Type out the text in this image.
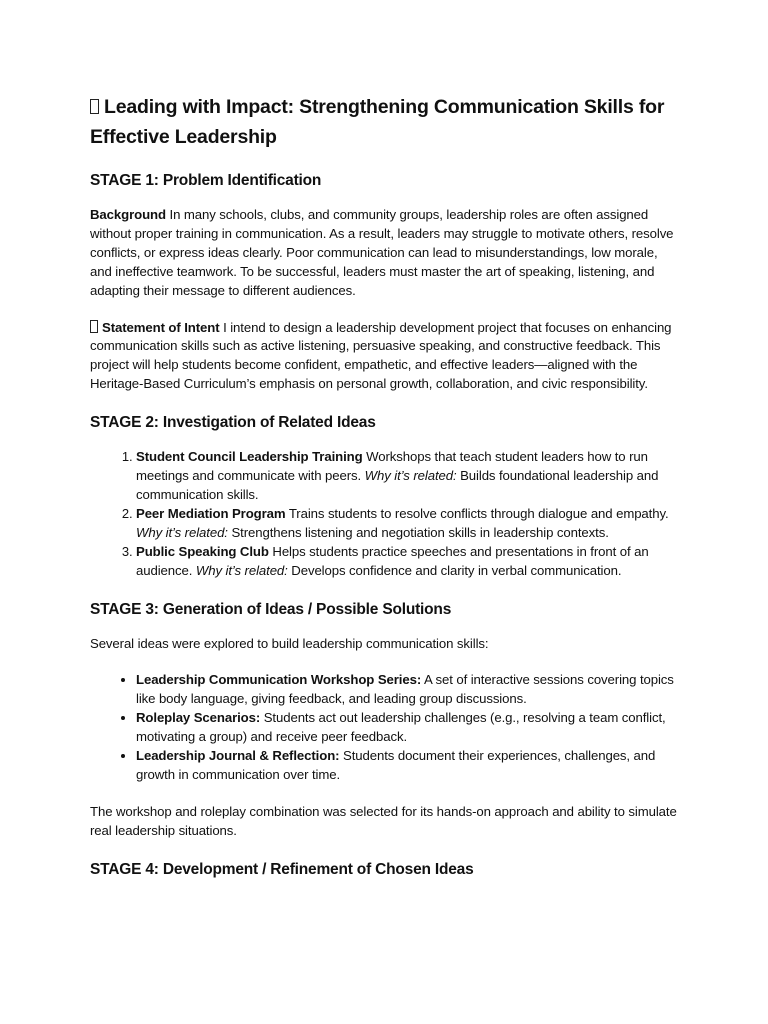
Leading with Impact: Strengthening Communication Skills for Effective Leadership
STAGE 1: Problem Identification

Background In many schools, clubs, and community groups, leadership roles are often assigned without proper training in communication. As a result, leaders may struggle to motivate others, resolve conflicts, or express ideas clearly. Poor communication can lead to misunderstandings, low morale, and ineffective teamwork. To be successful, leaders must master the art of speaking, listening, and adapting their message to different audiences.

Statement of Intent I intend to design a leadership development project that focuses on enhancing communication skills such as active listening, persuasive speaking, and constructive feedback. This project will help students become confident, empathetic, and effective leaders—aligned with the Heritage-Based Curriculum’s emphasis on personal growth, collaboration, and civic responsibility.

STAGE 2: Investigation of Related Ideas
1. Student Council Leadership Training Workshops that teach student leaders how to run meetings and communicate with peers. Why it’s related: Builds foundational leadership and communication skills.
2. Peer Mediation Program Trains students to resolve conflicts through dialogue and empathy. Why it’s related: Strengthens listening and negotiation skills in leadership contexts.
3. Public Speaking Club Helps students practice speeches and presentations in front of an audience. Why it’s related: Develops confidence and clarity in verbal communication.
STAGE 3: Generation of Ideas / Possible Solutions

Several ideas were explored to build leadership communication skills:

• Leadership Communication Workshop Series: A set of interactive sessions covering topics like body language, giving feedback, and leading group discussions.
• Roleplay Scenarios: Students act out leadership challenges (e.g., resolving a team conflict, motivating a group) and receive peer feedback.
• Leadership Journal & Reflection: Students document their experiences, challenges, and growth in communication over time.

The workshop and roleplay combination was selected for its hands-on approach and ability to simulate real leadership situations.

STAGE 4: Development / Refinement of Chosen Ideas
